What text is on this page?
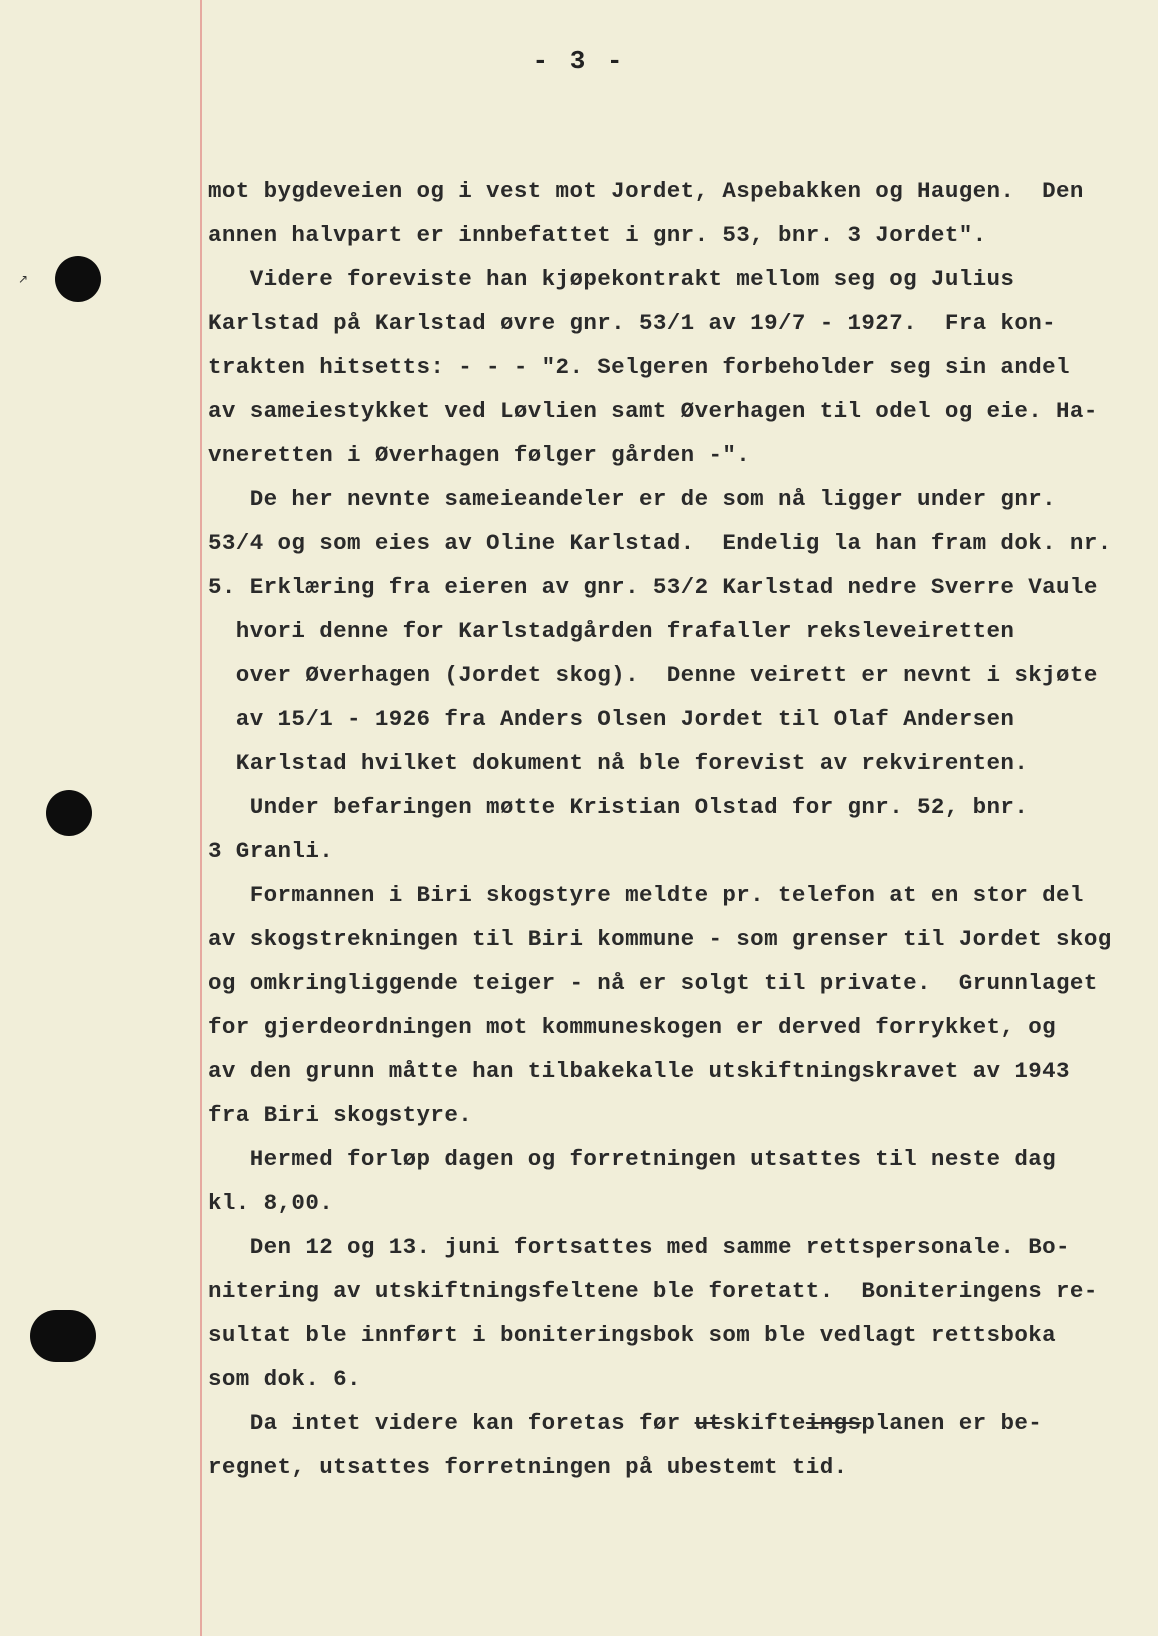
↗
- 3 -
mot bygdeveien og i vest mot Jordet, Aspebakken og Haugen.  Den
annen halvpart er innbefattet i gnr. 53, bnr. 3 Jordet".
Videre foreviste han kjøpekontrakt mellom seg og Julius
Karlstad på Karlstad øvre gnr. 53/1 av 19/7 - 1927.  Fra kon-
trakten hitsetts: - - - "2. Selgeren forbeholder seg sin andel
av sameiestykket ved Løvlien samt Øverhagen til odel og eie. Ha-
vneretten i Øverhagen følger gården -".
De her nevnte sameieandeler er de som nå ligger under gnr.
53/4 og som eies av Oline Karlstad.  Endelig la han fram dok. nr.
5. Erklæring fra eieren av gnr. 53/2 Karlstad nedre Sverre Vaule
hvori denne for Karlstadgården frafaller reksleveiretten
over Øverhagen (Jordet skog).  Denne veirett er nevnt i skjøte
av 15/1 - 1926 fra Anders Olsen Jordet til Olaf Andersen
Karlstad hvilket dokument nå ble forevist av rekvirenten.
Under befaringen møtte Kristian Olstad for gnr. 52, bnr.
3 Granli.
Formannen i Biri skogstyre meldte pr. telefon at en stor del
av skogstrekningen til Biri kommune - som grenser til Jordet skog
og omkringliggende teiger - nå er solgt til private.  Grunnlaget
for gjerdeordningen mot kommuneskogen er derved forrykket, og
av den grunn måtte han tilbakekalle utskiftningskravet av 1943
fra Biri skogstyre.
Hermed forløp dagen og forretningen utsattes til neste dag
kl. 8,00.
Den 12 og 13. juni fortsattes med samme rettspersonale. Bo-
nitering av utskiftningsfeltene ble foretatt.  Boniteringens re-
sultat ble innført i boniteringsbok som ble vedlagt rettsboka
som dok. 6.
Da intet videre kan foretas før utskifteingsplanen er be-
regnet, utsattes forretningen på ubestemt tid.
